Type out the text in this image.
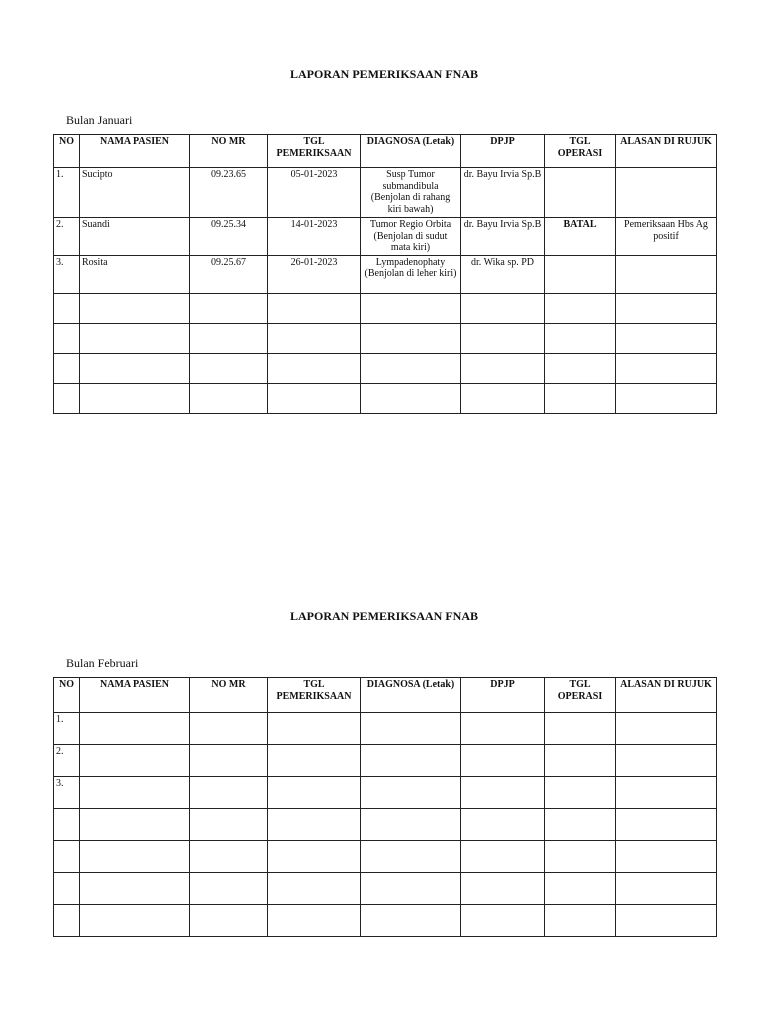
LAPORAN PEMERIKSAAN FNAB
Bulan Januari
NO	NAMA PASIEN	NO MR	TGL PEMERIKSAAN	DIAGNOSA (Letak)	DPJP	TGL OPERASI	ALASAN DI RUJUK
1.	Sucipto	09.23.65	05-01-2023	Susp Tumor submandibula (Benjolan di rahang kiri bawah)	dr. Bayu Irvia Sp.B		
2.	Suandi	09.25.34	14-01-2023	Tumor Regio Orbita (Benjolan di sudut mata kiri)	dr. Bayu Irvia Sp.B	BATAL	Pemeriksaan Hbs Ag positif
3.	Rosita	09.25.67	26-01-2023	Lympadenophaty (Benjolan di leher kiri)	dr. Wika sp. PD		

LAPORAN PEMERIKSAAN FNAB
Bulan Februari
NO	NAMA PASIEN	NO MR	TGL PEMERIKSAAN	DIAGNOSA (Letak)	DPJP	TGL OPERASI	ALASAN DI RUJUK
1.							
2.							
3.							
